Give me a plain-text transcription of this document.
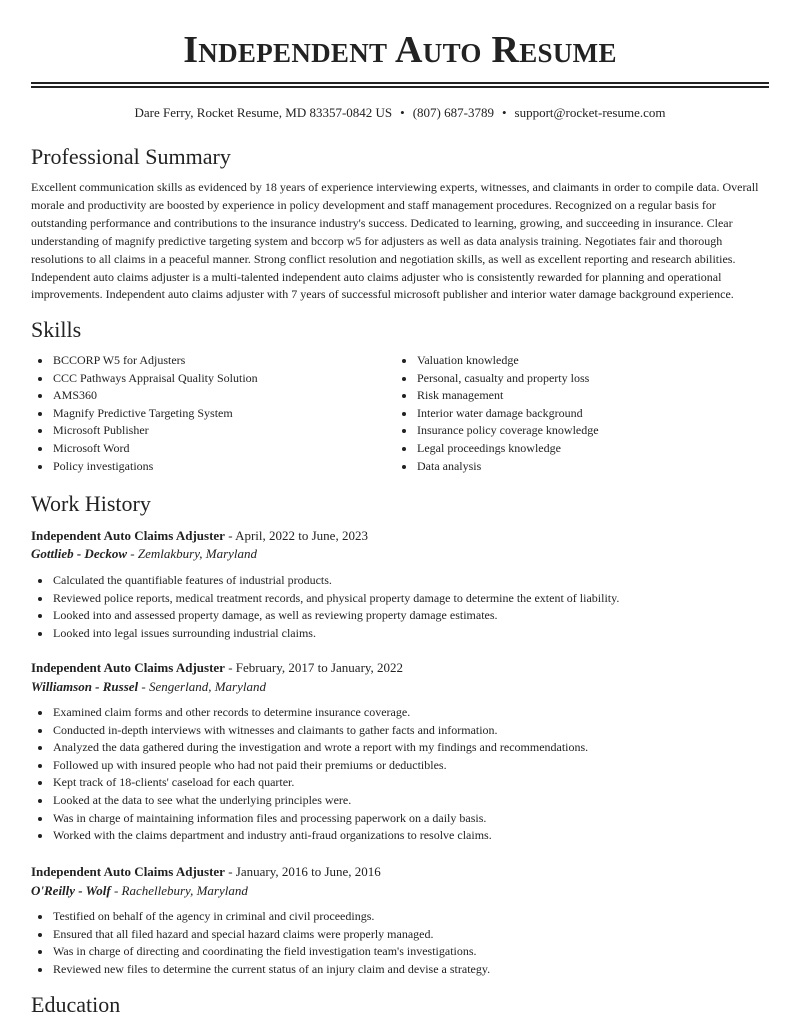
Independent Auto Resume
Dare Ferry, Rocket Resume, MD 83357-0842 US • (807) 687-3789 • support@rocket-resume.com
Professional Summary

Excellent communication skills as evidenced by 18 years of experience interviewing experts, witnesses, and claimants in order to compile data. Overall morale and productivity are boosted by experience in policy development and staff management procedures. Recognized on a regular basis for outstanding performance and contributions to the insurance industry's success. Dedicated to learning, growing, and succeeding in insurance. Clear understanding of magnify predictive targeting system and bccorp w5 for adjusters as well as data analysis training. Negotiates fair and thorough resolutions to all claims in a peaceful manner. Strong conflict resolution and negotiation skills, as well as excellent reporting and research abilities. Independent auto claims adjuster is a multi-talented independent auto claims adjuster who is consistently rewarded for planning and operational improvements. Independent auto claims adjuster with 7 years of successful microsoft publisher and interior water damage background experience.

Skills
BCCORP W5 for Adjusters
CCC Pathways Appraisal Quality Solution
AMS360
Magnify Predictive Targeting System
Microsoft Publisher
Microsoft Word
Policy investigations
Valuation knowledge
Personal, casualty and property loss
Risk management
Interior water damage background
Insurance policy coverage knowledge
Legal proceedings knowledge
Data analysis
Work History
Independent Auto Claims Adjuster - April, 2022 to June, 2023
Gottlieb - Deckow - Zemlakbury, Maryland
Calculated the quantifiable features of industrial products.
Reviewed police reports, medical treatment records, and physical property damage to determine the extent of liability.
Looked into and assessed property damage, as well as reviewing property damage estimates.
Looked into legal issues surrounding industrial claims.
Independent Auto Claims Adjuster - February, 2017 to January, 2022
Williamson - Russel - Sengerland, Maryland
Examined claim forms and other records to determine insurance coverage.
Conducted in-depth interviews with witnesses and claimants to gather facts and information.
Analyzed the data gathered during the investigation and wrote a report with my findings and recommendations.
Followed up with insured people who had not paid their premiums or deductibles.
Kept track of 18-clients' caseload for each quarter.
Looked at the data to see what the underlying principles were.
Was in charge of maintaining information files and processing paperwork on a daily basis.
Worked with the claims department and industry anti-fraud organizations to resolve claims.
Independent Auto Claims Adjuster - January, 2016 to June, 2016
O'Reilly - Wolf - Rachellebury, Maryland
Testified on behalf of the agency in criminal and civil proceedings.
Ensured that all filed hazard and special hazard claims were properly managed.
Was in charge of directing and coordinating the field investigation team's investigations.
Reviewed new files to determine the current status of an injury claim and devise a strategy.
Education
